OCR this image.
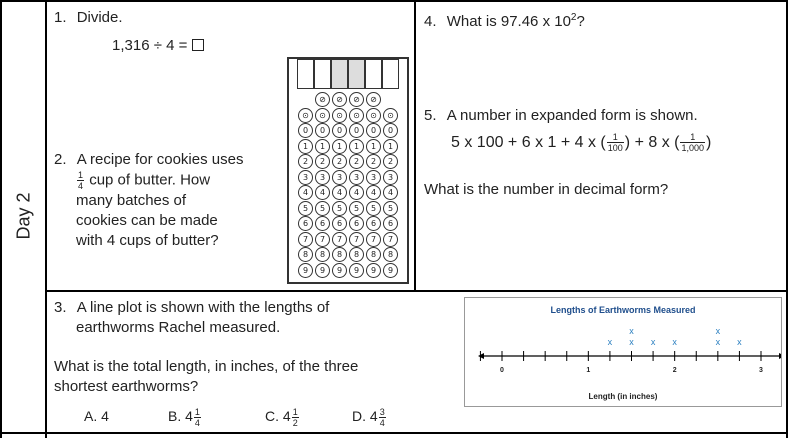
Day 2
1. Divide.
1,316 ÷ 4 =
2. A recipe for cookies uses
$\frac{1}{4}$ cup of butter. How
many batches of
cookies can be made
with 4 cups of butter?
⊘	⊘	⊘	⊘
⊙	⊙	⊙	⊙	⊙	⊙
0	0	0	0	0	0
1	1	1	1	1	1
2	2	2	2	2	2
3	3	3	3	3	3
4	4	4	4	4	4
5	5	5	5	5	5
6	6	6	6	6	6
7	7	7	7	7	7
8	8	8	8	8	8
9	9	9	9	9	9
3. A line plot is shown with the lengths of
earthworms Rachel measured.
What is the total length, in inches, of the three
shortest earthworms?
A. 4	B. $4 \frac{1}{4}$	C. $4 \frac{1}{2}$	D. $4 \frac{3}{4}$
4. What is 97.46 x $10^2$?
5. A number in expanded form is shown.
5 x 100 + 6 x 1 + 4 x ( $\frac{1}{100}$ ) + 8 x ( $\frac{1}{1,000}$ )
What is the number in decimal form?
Lengths of Earthworms Measured
Length (in inches)
0	1	2	3
x x
x
x x	x
x
x
